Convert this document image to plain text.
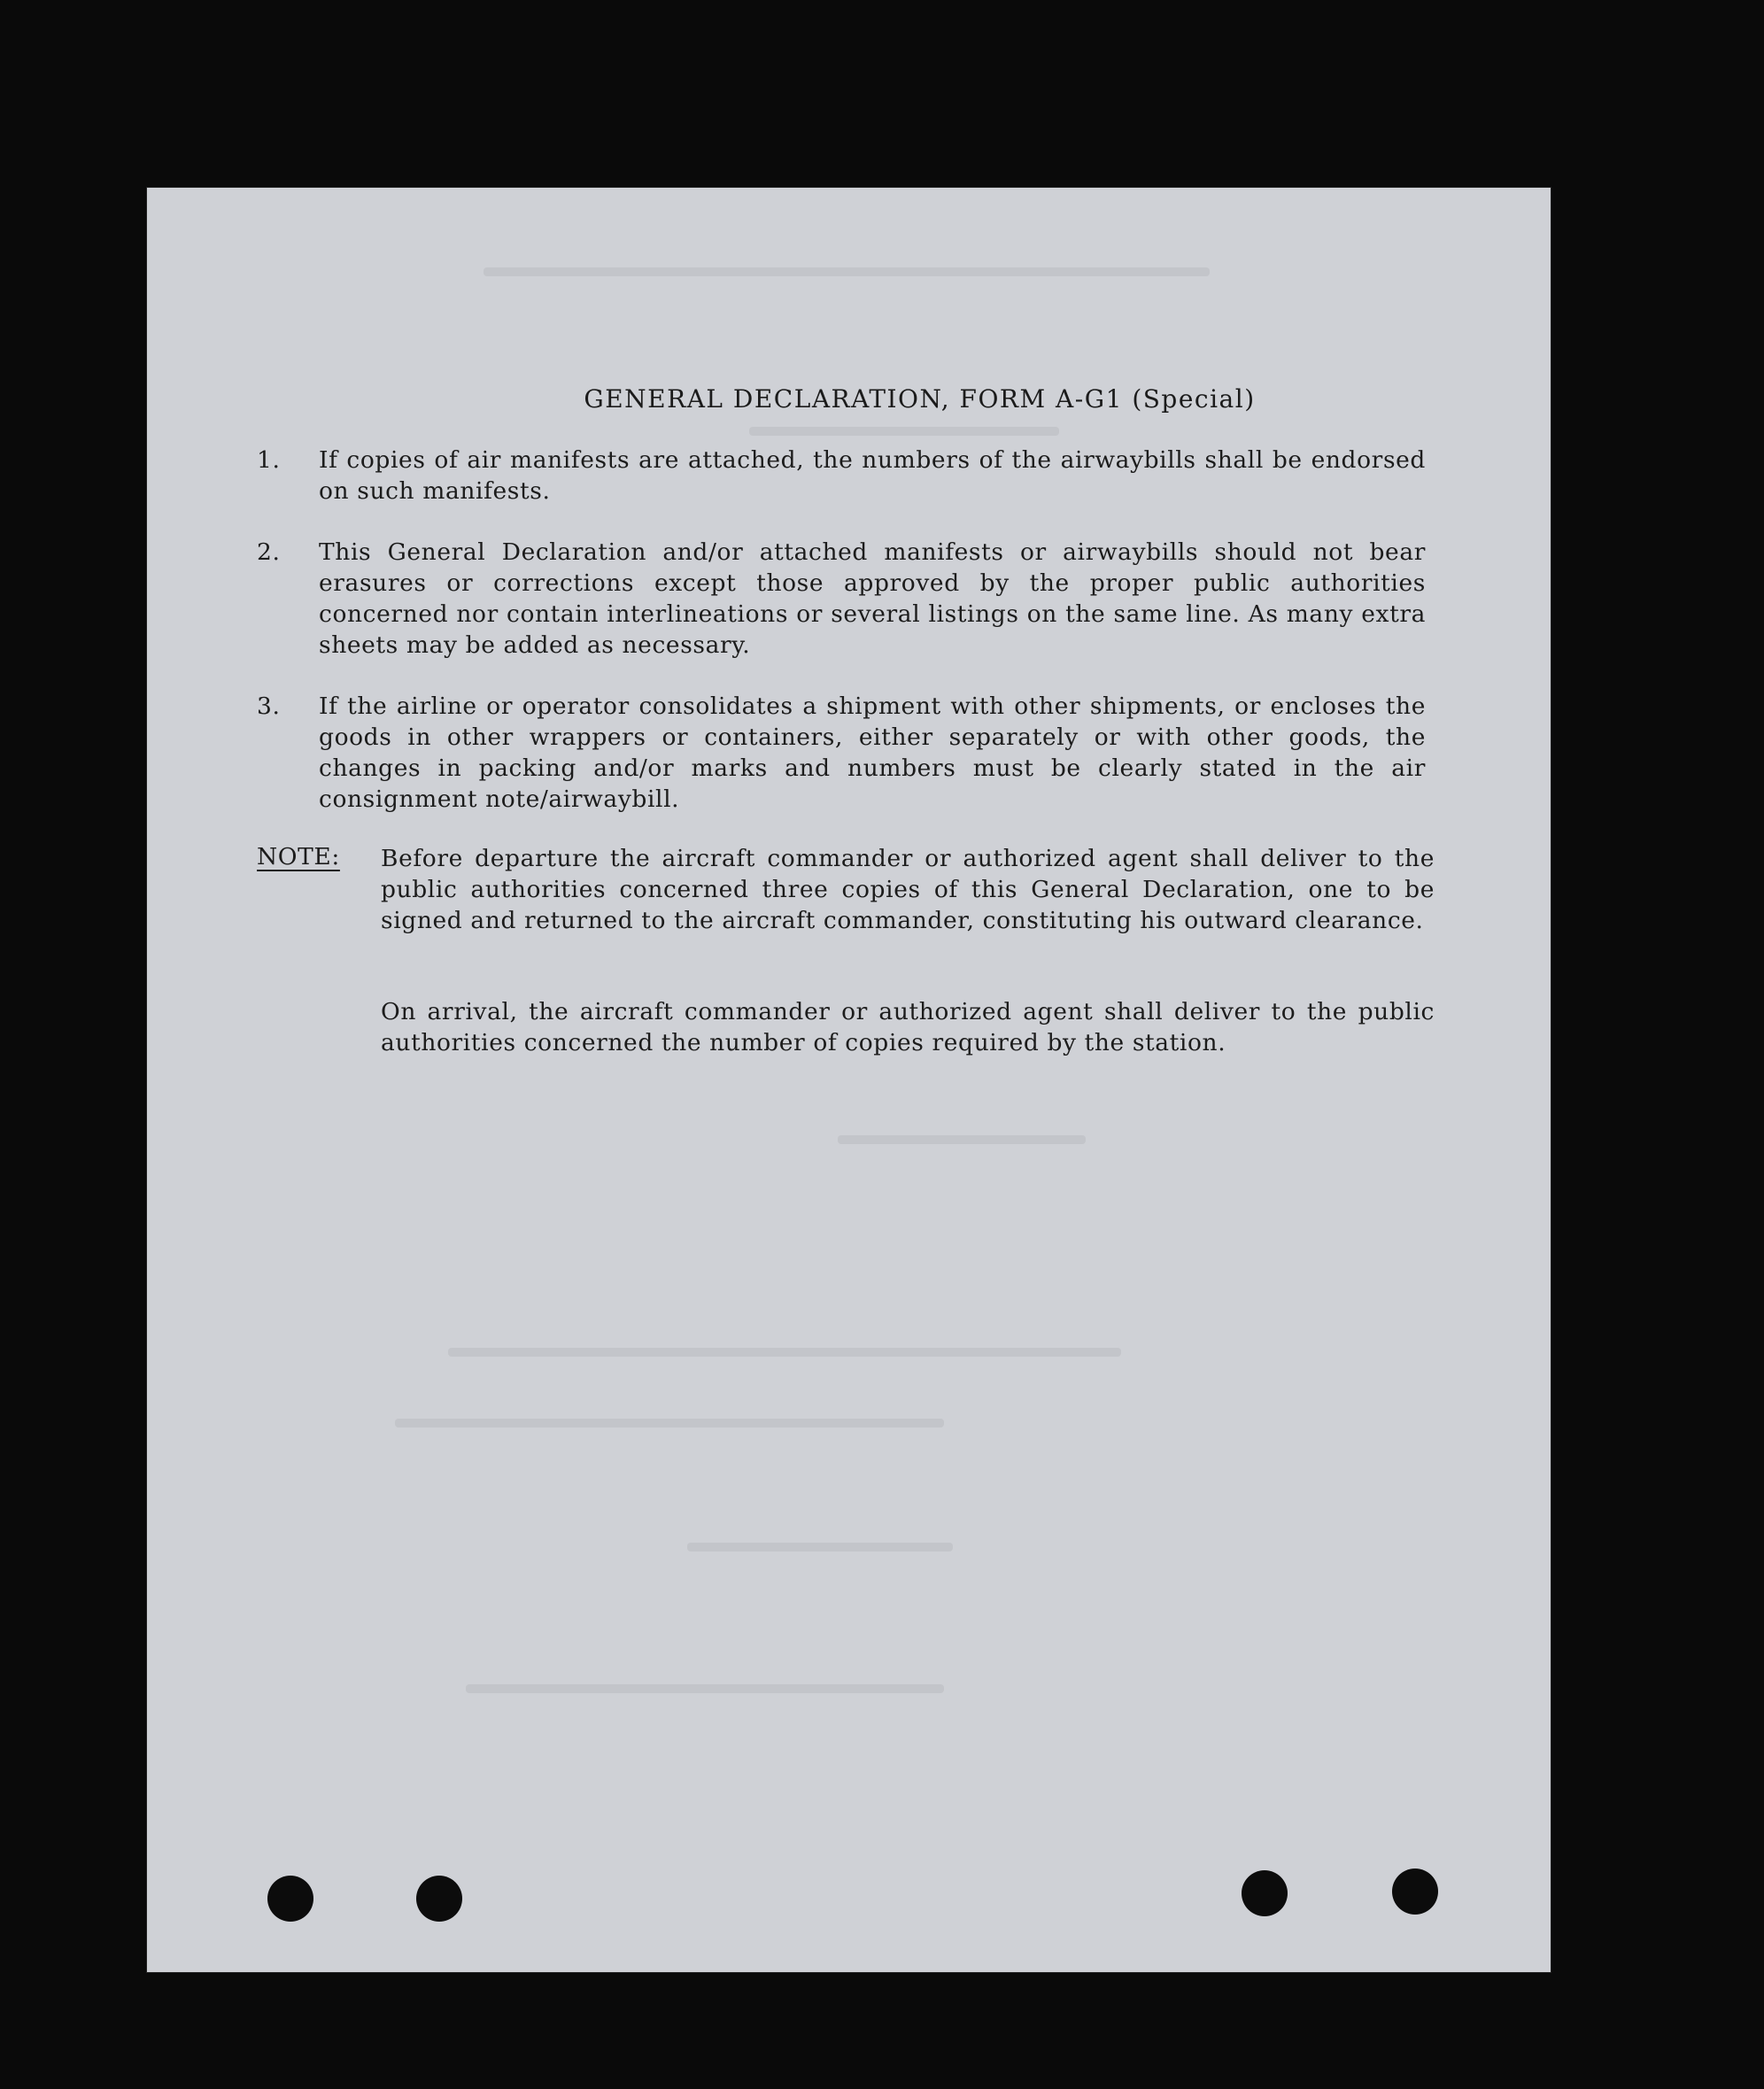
GENERAL DECLARATION, FORM A-G1 (Special)
1.	If copies of air manifests are attached, the numbers of the airwaybills shall be endorsed on such manifests.
2.	This General Declaration and/or attached manifests or airwaybills should not bear erasures or corrections except those approved by the proper public authorities concerned nor contain interlineations or several listings on the same line. As many extra sheets may be added as necessary.
3.	If the airline or operator consolidates a shipment with other shipments, or encloses the goods in other wrappers or containers, either separately or with other goods, the changes in packing and/or marks and numbers must be clearly stated in the air consignment note/airwaybill.
NOTE: Before departure the aircraft commander or authorized agent shall deliver to the public authorities concerned three copies of this General Declaration, one to be signed and returned to the aircraft commander, constituting his outward clearance.
On arrival, the aircraft commander or authorized agent shall deliver to the public authorities concerned the number of copies required by the station.
